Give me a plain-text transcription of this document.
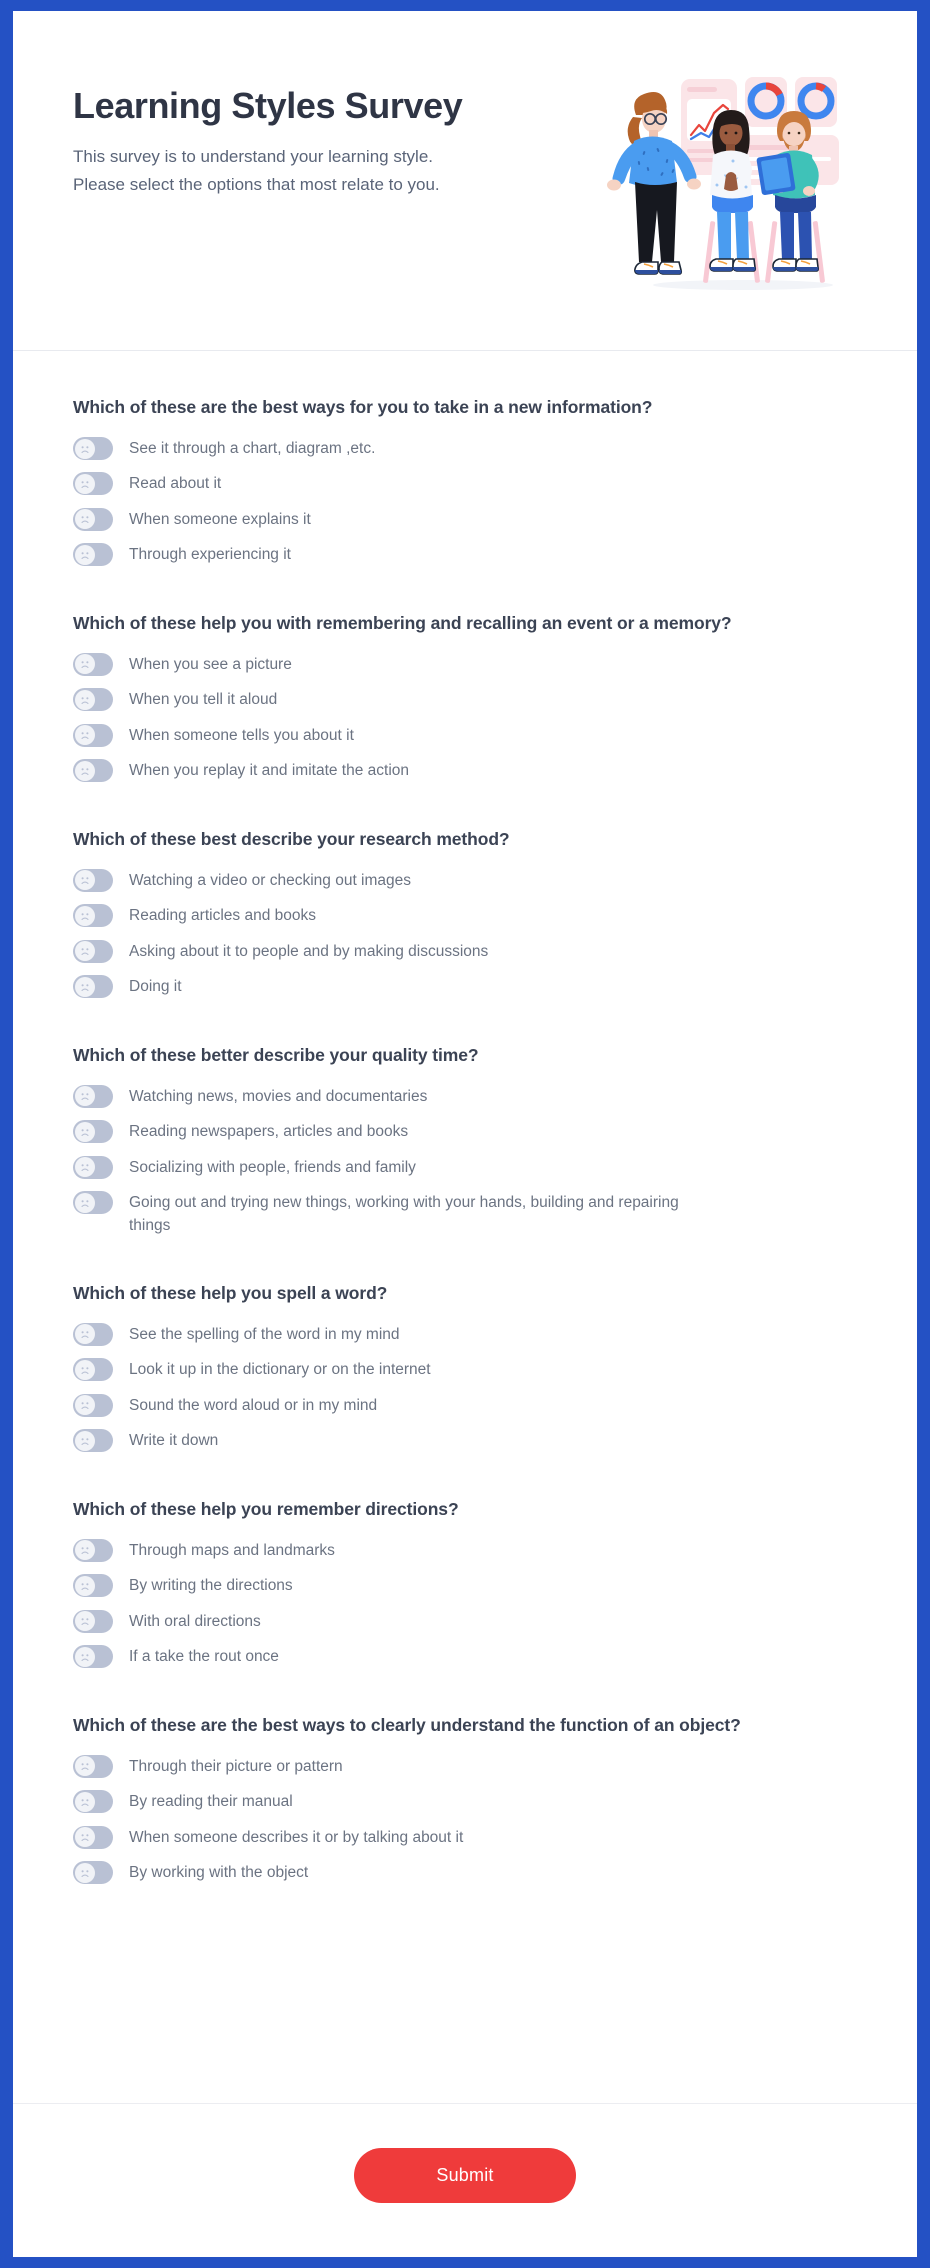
Learning Styles Survey

This survey is to understand your learning style. Please select the options that most relate to you.

Which of these are the best ways for you to take in a new information?
See it through a chart, diagram ,etc.
Read about it
When someone explains it
Through experiencing it
Which of these help you with remembering and recalling an event or a memory?
When you see a picture
When you tell it aloud
When someone tells you about it
When you replay it and imitate the action
Which of these best describe your research method?
Watching a video or checking out images
Reading articles and books
Asking about it to people and by making discussions
Doing it
Which of these better describe your quality time?
Watching news, movies and documentaries
Reading newspapers, articles and books
Socializing with people, friends and family
Going out and trying new things, working with your hands, building and repairing things
Which of these help you spell a word?
See the spelling of the word in my mind
Look it up in the dictionary or on the internet
Sound the word aloud or in my mind
Write it down
Which of these help you remember directions?
Through maps and landmarks
By writing the directions
With oral directions
If a take the rout once
Which of these are the best ways to clearly understand the function of an object?
Through their picture or pattern
By reading their manual
When someone describes it or by talking about it
By working with the object
Submit
